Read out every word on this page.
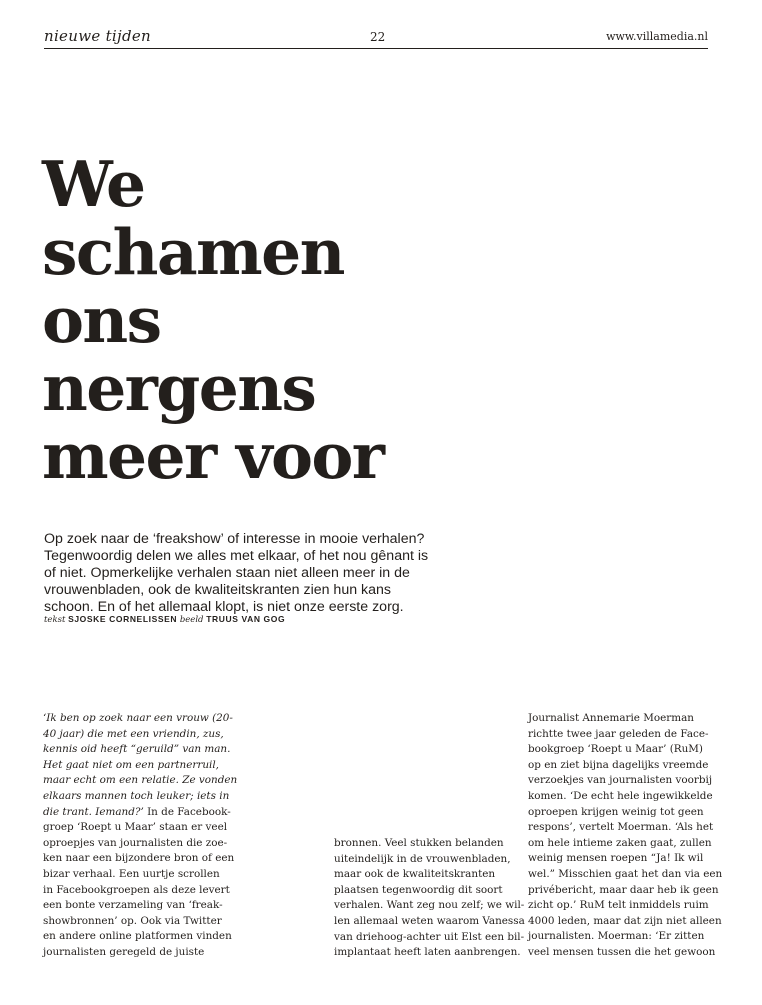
nieuwe tijden	22	www.villamedia.nl
We
schamen
ons
nergens
meer voor

Op zoek naar de ‘freakshow’ of interesse in mooie verhalen? Tegenwoordig delen we alles met elkaar, of het nou gênant is of niet. Opmerkelijke verhalen staan niet alleen meer in de vrouwenbladen, ook de kwaliteitskranten zien hun kans schoon. En of het allemaal klopt, is niet onze eerste zorg.

tekst SJOSKE CORNELISSEN beeld TRUUS VAN GOG
‘Ik ben op zoek naar een vrouw (20-
40 jaar) die met een vriendin, zus,
kennis oid heeft “geruild” van man.
Het gaat niet om een partnerruil,
maar echt om een relatie. Ze vonden
elkaars mannen toch leuker; iets in
die trant. Iemand?’ In de Facebook-
groep ‘Roept u Maar’ staan er veel
oproepjes van journalisten die zoe-
ken naar een bijzondere bron of een
bizar verhaal. Een uurtje scrollen
in Facebookgroepen als deze levert
een bonte verzameling van ‘freak-
showbronnen’ op. Ook via Twitter
en andere online platformen vinden
journalisten geregeld de juiste
bronnen. Veel stukken belanden
uiteindelijk in de vrouwenbladen,
maar ook de kwaliteitskranten
plaatsen tegenwoordig dit soort
verhalen. Want zeg nou zelf; we wil-
len allemaal weten waarom Vanessa
van driehoog-achter uit Elst een bil-
implantaat heeft laten aanbrengen.
Journalist Annemarie Moerman
richtte twee jaar geleden de Face-
bookgroep ‘Roept u Maar’ (RuM)
op en ziet bijna dagelijks vreemde
verzoekjes van journalisten voorbij
komen. ‘De echt hele ingewikkelde
oproepen krijgen weinig tot geen
respons’, vertelt Moerman. ‘Als het
om hele intieme zaken gaat, zullen
weinig mensen roepen “Ja! Ik wil
wel.” Misschien gaat het dan via een
privébericht, maar daar heb ik geen
zicht op.’ RuM telt inmiddels ruim
4000 leden, maar dat zijn niet alleen
journalisten. Moerman: ‘Er zitten
veel mensen tussen die het gewoon
